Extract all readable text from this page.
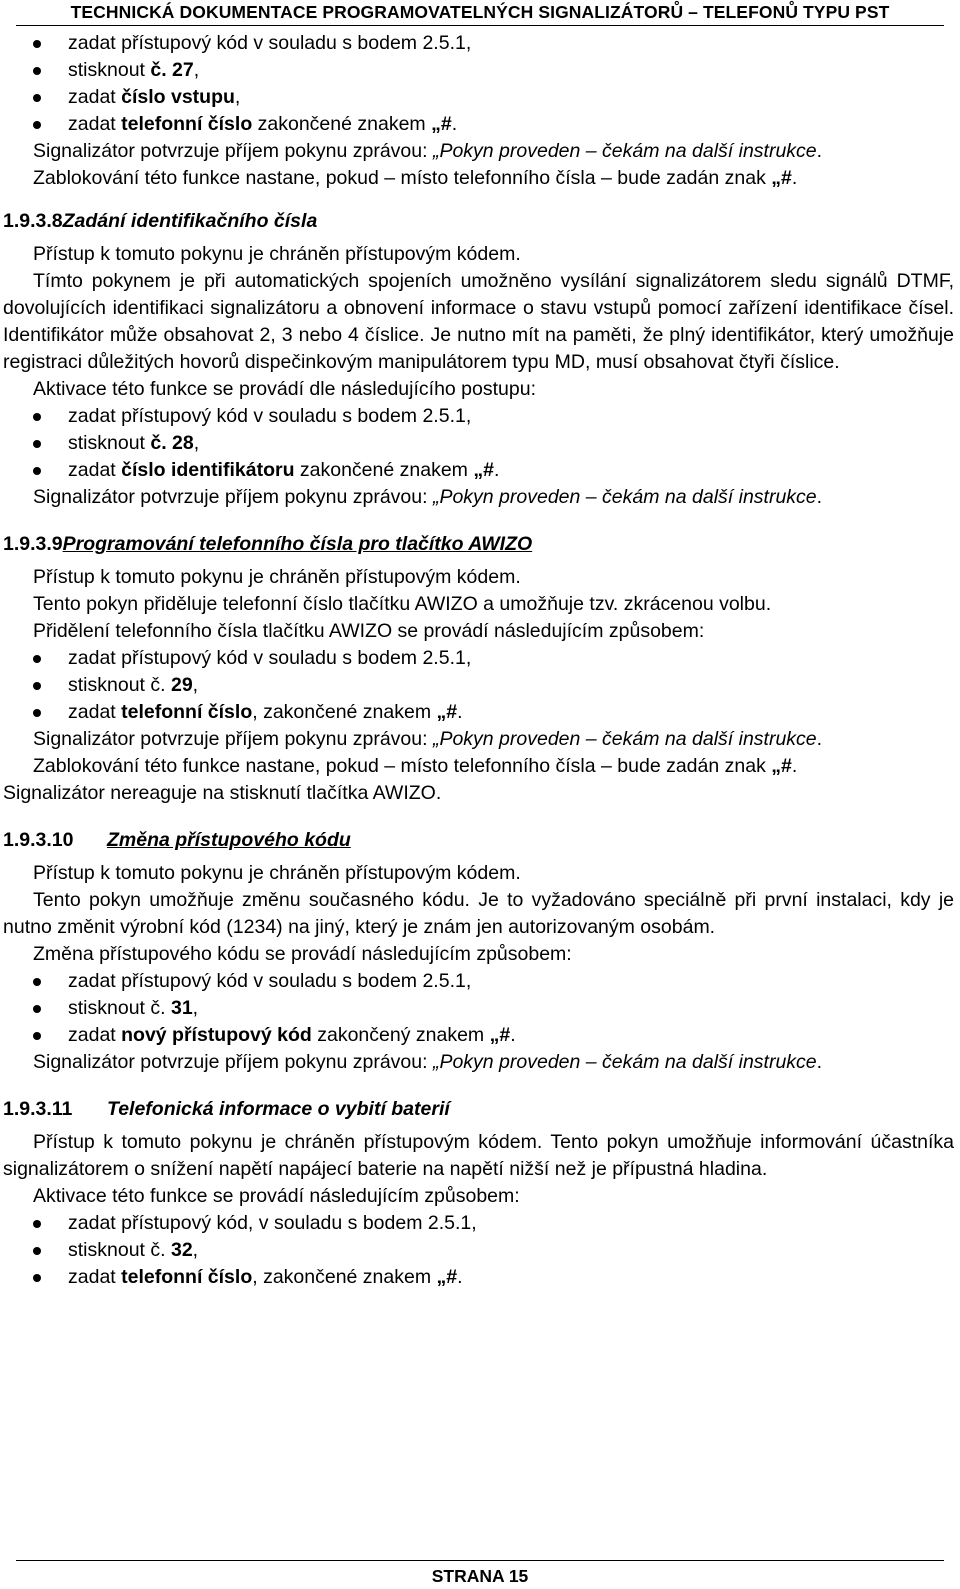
TECHNICKÁ DOKUMENTACE PROGRAMOVATELNÝCH SIGNALIZÁTORŮ – TELEFONŮ TYPU PST
zadat přístupový kód v souladu s bodem 2.5.1,
stisknout č. 27,
zadat číslo vstupu,
zadat telefonní číslo zakončené znakem „#.

Signalizátor potvrzuje příjem pokynu zprávou: „Pokyn proveden – čekám na další instrukce.

Zablokování této funkce nastane, pokud – místo telefonního čísla – bude zadán znak „#.

1.9.3.8Zadání identifikačního čísla

Přístup k tomuto pokynu je chráněn přístupovým kódem.

Tímto pokynem je při automatických spojeních umožněno vysílání signalizátorem sledu signálů DTMF, dovolujících identifikaci signalizátoru a obnovení informace o stavu vstupů pomocí zařízení identifikace čísel. Identifikátor může obsahovat 2, 3 nebo 4 číslice. Je nutno mít na paměti, že plný identifikátor, který umožňuje registraci důležitých hovorů dispečinkovým manipulátorem typu MD, musí obsahovat čtyři číslice.

Aktivace této funkce se provádí dle následujícího postupu:

zadat přístupový kód v souladu s bodem 2.5.1,
stisknout č. 28,
zadat číslo identifikátoru zakončené znakem „#.

Signalizátor potvrzuje příjem pokynu zprávou: „Pokyn proveden – čekám na další instrukce.

1.9.3.9Programování telefonního čísla pro tlačítko AWIZO

Přístup k tomuto pokynu je chráněn přístupovým kódem.

Tento pokyn přiděluje telefonní číslo tlačítku AWIZO a umožňuje tzv. zkrácenou volbu.

Přidělení telefonního čísla tlačítku AWIZO se provádí následujícím způsobem:

zadat přístupový kód v souladu s bodem 2.5.1,
stisknout č. 29,
zadat telefonní číslo, zakončené znakem „#.

Signalizátor potvrzuje příjem pokynu zprávou: „Pokyn proveden – čekám na další instrukce.

Zablokování této funkce nastane, pokud – místo telefonního čísla – bude zadán znak „#.

Signalizátor nereaguje na stisknutí tlačítka AWIZO.

1.9.3.10 Změna přístupového kódu

Přístup k tomuto pokynu je chráněn přístupovým kódem.

Tento pokyn umožňuje změnu současného kódu. Je to vyžadováno speciálně při první instalaci, kdy je nutno změnit výrobní kód (1234) na jiný, který je znám jen autorizovaným osobám.

Změna přístupového kódu se provádí následujícím způsobem:

zadat přístupový kód v souladu s bodem 2.5.1,
stisknout č. 31,
zadat nový přístupový kód zakončený znakem „#.

Signalizátor potvrzuje příjem pokynu zprávou: „Pokyn proveden – čekám na další instrukce.

1.9.3.11 Telefonická informace o vybití baterií

Přístup k tomuto pokynu je chráněn přístupovým kódem. Tento pokyn umožňuje informování účastníka signalizátorem o snížení napětí napájecí baterie na napětí nižší než je přípustná hladina.

Aktivace této funkce se provádí následujícím způsobem:

zadat přístupový kód, v souladu s bodem 2.5.1,
stisknout č. 32,
zadat telefonní číslo, zakončené znakem „#.
STRANA 15
